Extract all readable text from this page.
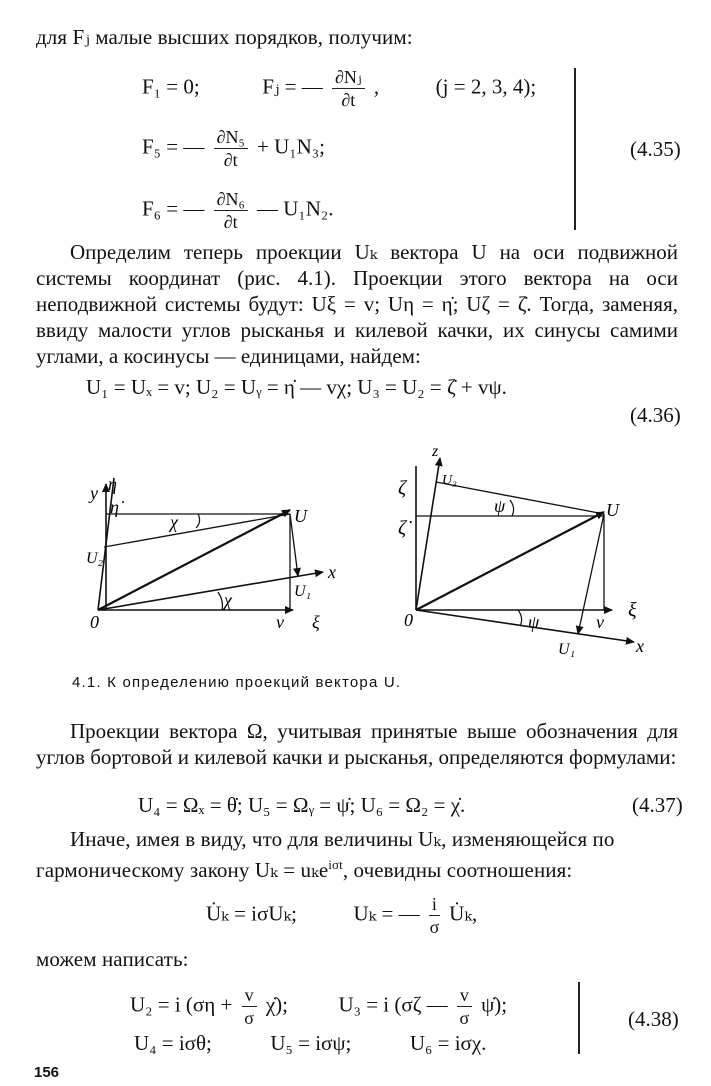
для Fⱼ малые высших порядков, получим:
F₁ = 0;	Fⱼ = — $\frac{\text{∂Nⱼ}}{\partial t}$ ,	(j = 2, 3, 4);
F₅ = — $\frac{\text{∂N₅}}{\partial t} + U_1N_3$;
F₆ = — $\frac{\text{∂N₆}}{\partial t}$ — U₁N₂.
(4.35)

Определим теперь проекции Uₖ вектора U на оси подвижной системы координат (рис. 4.1). Проекции этого вектора на оси неподвижной системы будут: Uξ = v; Uη = η̇; Uζ = ζ̇. Тогда, заменяя, ввиду малости углов рысканья и килевой качки, их синусы самими углами, а косинусы — единицами, найдем:

U₁ = Uₓ = v; U₂ = Uᵧ = η̇ — vχ; U₃ = U₂ = ζ̇ + vψ.
(4.36)
y η
η̇
χ	U⃗
U₂
x
U₁
χ
0	v ξ
z
U₃
ζ
ζ̇
ψ	U⃗
0	ψ	v
ξ
U₁	x
4.1. К определению проекций вектора U.

Проекции вектора Ω, учитывая принятые выше обозначения для углов бортовой и килевой качки и рысканья, определяются формулами:

U₄ = Ωₓ = θ̇; U₅ = Ωᵧ = ψ̇; U₆ = Ω₂ = χ̇.	(4.37)
Иначе, имея в виду, что для величины Uₖ, изменяющейся по
гармоническому закону Uₖ = uₖe$^{i\sigma t}$, очевидны соотношения:
U̇ₖ = iσUₖ;	Uₖ = — $\frac{i}{\sigma}$ U̇ₖ,
можем написать:
U₂ = i ($\sigma\eta + \frac{v}{\sigma}$ χ̇); U₃ = i (σζ — $\frac{v}{\sigma}$ ψ̇);
U₄ = iσθ;	U₅ = iσψ;	U₆ = iσχ.
(4.38)
156
